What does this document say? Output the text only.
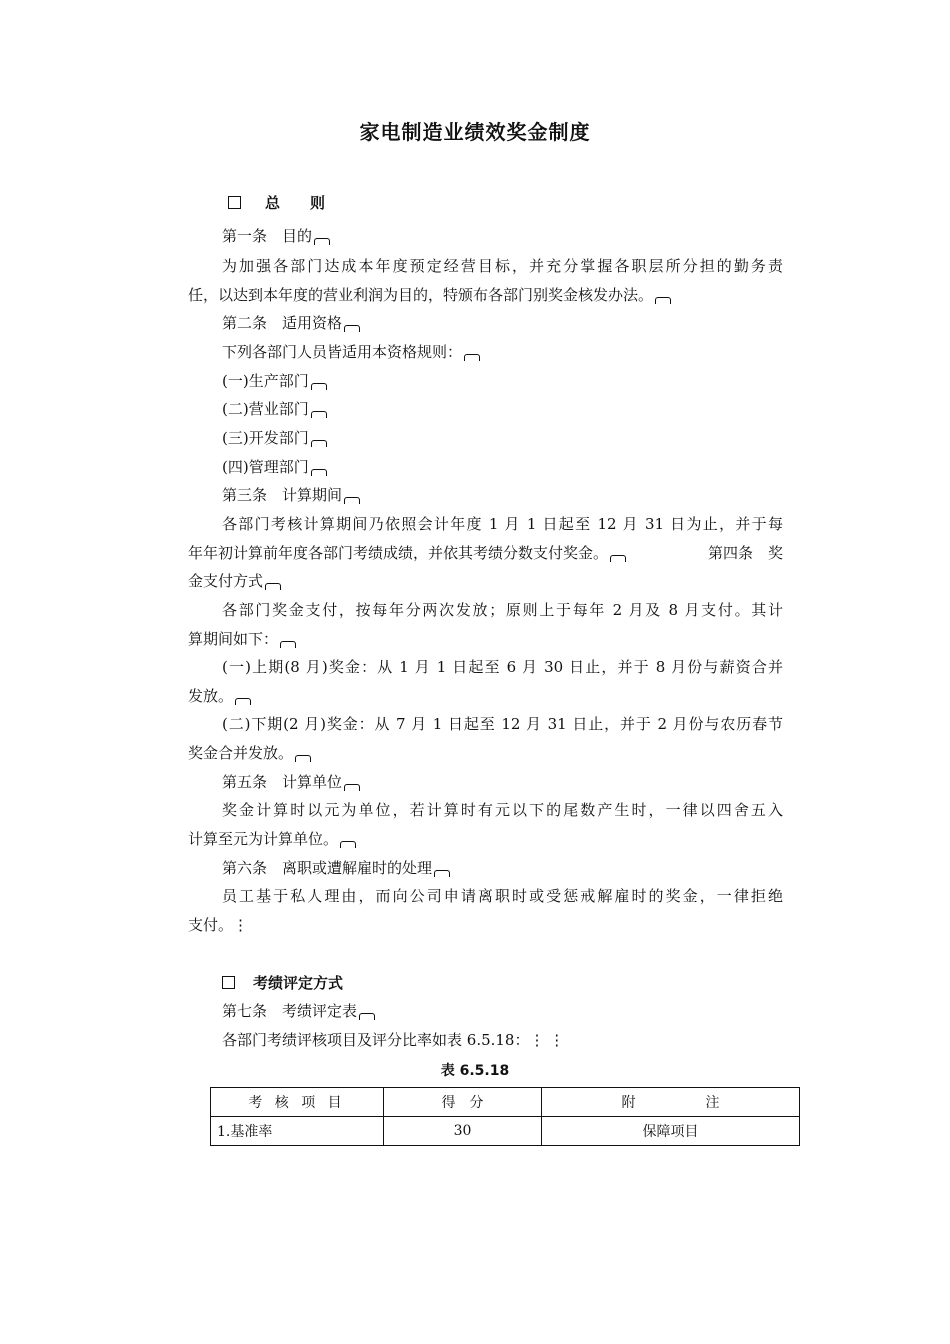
家电制造业绩效奖金制度
总　　则
第一条　目的
为加强各部门达成本年度预定经营目标，并充分掌握各职层所分担的勤务责
任，以达到本年度的营业利润为目的，特颁布各部门别奖金核发办法。
第二条　适用资格
下列各部门人员皆适用本资格规则：
(一)生产部门
(二)营业部门
(三)开发部门
(四)管理部门
第三条　计算期间
各部门考核计算期间乃依照会计年度 1 月 1 日起至 12 月 31 日为止，并于每
年年初计算前年度各部门考绩成绩，并依其考绩分数支付奖金。	第四条　奖
金支付方式
各部门奖金支付，按每年分两次发放；原则上于每年 2 月及 8 月支付。其计
算期间如下：
(一)上期(8 月)奖金：从 1 月 1 日起至 6 月 30 日止，并于 8 月份与薪资合并
发放。
(二)下期(2 月)奖金：从 7 月 1 日起至 12 月 31 日止，并于 2 月份与农历春节
奖金合并发放。
第五条　计算单位
奖金计算时以元为单位，若计算时有元以下的尾数产生时，一律以四舍五入
计算至元为计算单位。
第六条　离职或遭解雇时的处理
员工基于私人理由，而向公司申请离职时或受惩戒解雇时的奖金，一律拒绝
支付。⋮
考绩评定方式
第七条　考绩评定表
各部门考绩评核项目及评分比率如表 6.5.18：⋮ ⋮
表 6.5.18
考 核 项 目	得　分	附　　　　　注
1.基准率	30	保障项目
